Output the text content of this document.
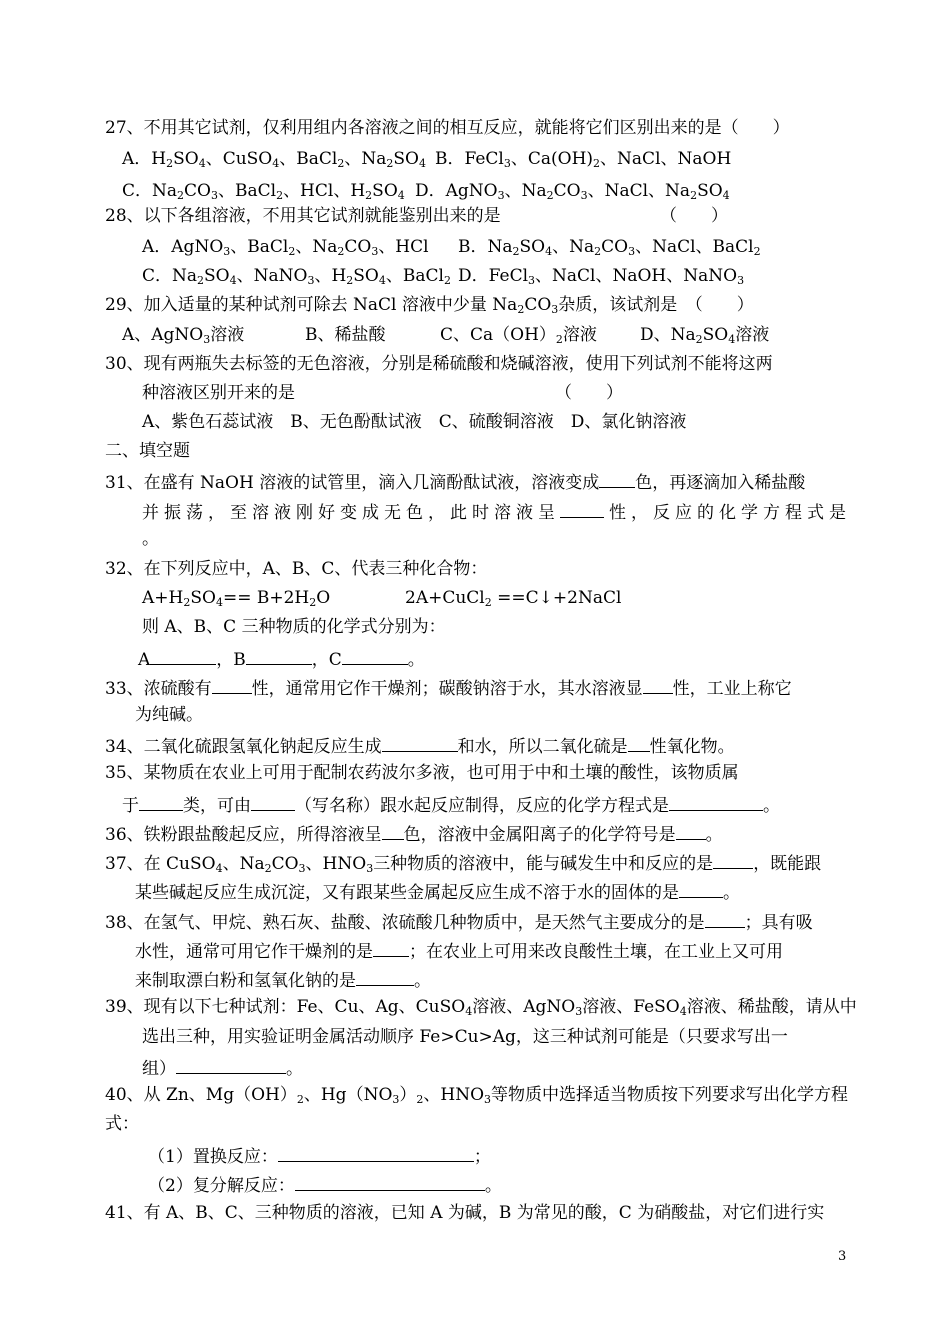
27、不用其它试剂，仅利用组内各溶液之间的相互反应，就能将它们区别出来的是（　　）
A．$H_2SO_4$、CuSO$_4$、BaCl$_2$、$Na_2SO_4$ B．FeCl$_3$、$Ca(OH)_2$、NaCl、NaOH
C．$Na_2CO_3$、BaCl$_2$、HCl、$H_2SO_4$ D．AgNO$_3$、$Na_2CO_3$、NaCl、$Na_2SO_4$
28、以下各组溶液，不用其它试剂就能鉴别出来的是	（　　）
A．AgNO$_3$、BaCl$_2$、$Na_2CO_3$、HCl B．$Na_2SO_4$、$Na_2CO_3$、NaCl、BaCl$_2$
C．$Na_2SO_4$、NaNO$_3$、$H_2SO_4$、BaCl$_2$ D．FeCl$_3$、NaCl、NaOH、NaNO$_3$
29、加入适量的某种试剂可除去 NaCl 溶液中少量 $Na_2CO_3$杂质，该试剂是　（　　）
A、AgNO$_3$溶液	B、稀盐酸	C、$Ca(OH)_2$溶液	D、$Na_2SO_4$溶液
30、现有两瓶失去标签的无色溶液，分别是稀硫酸和烧碱溶液，使用下列试剂不能将这两
种溶液区别开来的是	（　　）
A、紫色石蕊试液　B、无色酚酞试液　C、硫酸铜溶液　D、氯化钠溶液
二、填空题
31、在盛有 NaOH 溶液的试管里，滴入几滴酚酞试液，溶液变成 色，再逐滴加入稀盐酸
并振荡，至溶液刚好变成无色，此时溶液呈	性，反应的化学方程式是
。
32、在下列反应中，A、B、C、代表三种化合物：
$A+H_2SO_4== B+2H_2O$	2A+CuCl$_2$ ==C↓+2NaCl
则 A、B、C 三种物质的化学式分别为：
A	，B	，C	。
33、浓硫酸有 性，通常用它作干燥剂；碳酸钠溶于水，其水溶液显 性，工业上称它
为纯碱。
34、二氧化硫跟氢氧化钠起反应生成	和水，所以二氧化硫是 性氧化物。
35、某物质在农业上可用于配制农药波尔多液，也可用于中和土壤的酸性，该物质属
于	类，可由	（写名称）跟水起反应制得，反应的化学方程式是	。
36、铁粉跟盐酸起反应，所得溶液呈 色，溶液中金属阳离子的化学符号是 。
37、在 CuSO$_4$、$Na_2CO_3$、$HNO_3$三种物质的溶液中，能与碱发生中和反应的是 ，既能跟
某些碱起反应生成沉淀，又有跟某些金属起反应生成不溶于水的固体的是	。
38、在氢气、甲烷、熟石灰、盐酸、浓硫酸几种物质中，是天然气主要成分的是 ；具有吸
水性，通常可用它作干燥剂的是 ；在农业上可用来改良酸性土壤，在工业上又可用
来制取漂白粉和氢氧化钠的是	。
39、现有以下七种试剂：Fe、Cu、Ag、CuSO$_4$溶液、AgNO$_3$溶液、FeSO$_4$溶液、稀盐酸，请从中
选出三种，用实验证明金属活动顺序 Fe>Cu>Ag，这三种试剂可能是（只要求写出一
组）	。
40、从 Zn、$Mg(OH)_2$、$Hg(NO_3)_2$、$HNO_3$等物质中选择适当物质按下列要求写出化学方程
式：
（1）置换反应：	；
（2）复分解反应：	。
41、有 A、B、C、三种物质的溶液，已知 A 为碱，B 为常见的酸，C 为硝酸盐，对它们进行实
3
